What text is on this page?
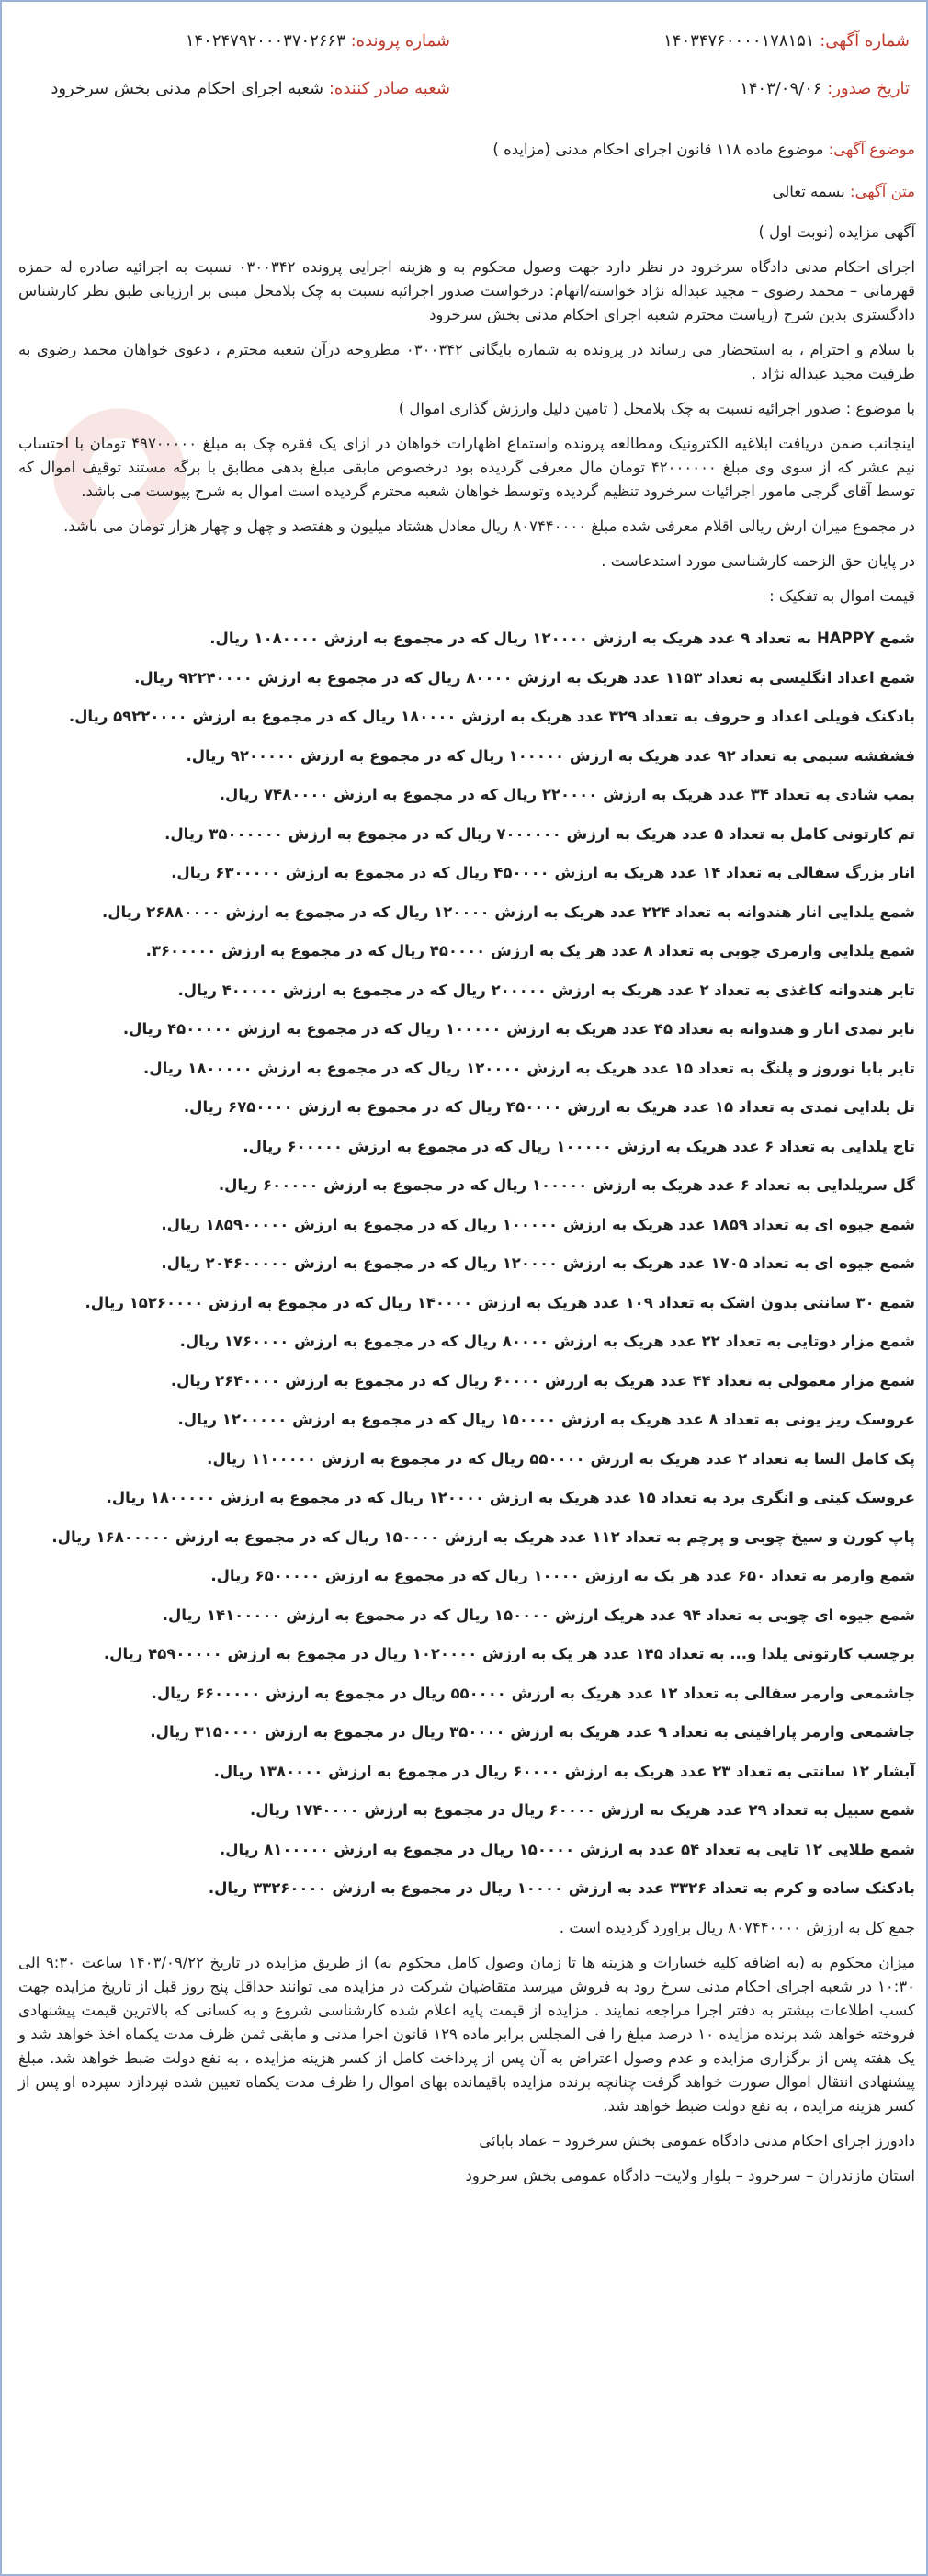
شماره آگهی: ۱۴۰۳۴۷۶۰۰۰۰۱۷۸۱۵۱
شماره پرونده: ۱۴۰۲۴۷۹۲۰۰۰۳۷۰۲۶۶۳
تاریخ صدور: ۱۴۰۳/۰۹/۰۶
شعبه صادر کننده: شعبه اجرای احکام مدنی بخش سرخرود

موضوع آگهی: موضوع ماده ۱۱۸ قانون اجرای احکام مدنی (مزایده )

متن آگهی: بسمه تعالی

آگهی مزایده (نوبت اول )

اجرای احکام مدنی دادگاه سرخرود در نظر دارد جهت وصول محکوم به و هزینه اجرایی پرونده ۰۳۰۰۳۴۲ نسبت به اجرائیه صادره له حمزه قهرمانی – محمد رضوی – مجید عبداله نژاد خواسته/اتهام: درخواست صدور اجرائیه نسبت به چک بلامحل مبنی بر ارزیابی طبق نظر کارشناس دادگستری بدین شرح (ریاست محترم شعبه اجرای احکام مدنی بخش سرخرود

با سلام و احترام ، به استحضار می رساند در پرونده به شماره بایگانی ۰۳۰۰۳۴۲ مطروحه درآن شعبه محترم ، دعوی خواهان محمد رضوی به طرفیت مجید عبداله نژاد .

با موضوع : صدور اجرائیه نسبت به چک بلامحل ( تامین دلیل وارزش گذاری اموال )

اینجانب ضمن دریافت ابلاغیه الکترونیک ومطالعه پرونده واستماع اظهارات خواهان در ازای یک فقره چک به مبلغ ۴۹۷۰۰۰۰۰ تومان با احتساب نیم عشر که از سوی وی مبلغ ۴۲۰۰۰۰۰۰ تومان مال معرفی گردیده بود درخصوص مابقی مبلغ بدهی مطابق با برگه مستند توقیف اموال که توسط آقای گرجی مامور اجرائیات سرخرود تنظیم گردیده وتوسط خواهان شعبه محترم گردیده است اموال به شرح پیوست می باشد.

در مجموع میزان ارش ریالی اقلام معرفی شده مبلغ ۸۰۷۴۴۰۰۰۰ ریال معادل هشتاد میلیون و هفتصد و چهل و چهار هزار تومان می باشد.

در پایان حق الزحمه کارشناسی مورد استدعاست .

قیمت اموال به تفکیک :

شمع HAPPY به تعداد ۹ عدد هریک به ارزش ۱۲۰۰۰۰ ریال که در مجموع به ارزش ۱۰۸۰۰۰۰ ریال.
شمع اعداد انگلیسی به تعداد ۱۱۵۳ عدد هریک به ارزش ۸۰۰۰۰ ریال که در مجموع به ارزش ۹۲۲۴۰۰۰۰ ریال.
بادکنک فویلی اعداد و حروف به تعداد ۳۲۹ عدد هریک به ارزش ۱۸۰۰۰۰ ریال که در مجموع به ارزش ۵۹۲۲۰۰۰۰ ریال.
فشفشه سیمی به تعداد ۹۲ عدد هریک به ارزش ۱۰۰۰۰۰ ریال که در مجموع به ارزش ۹۲۰۰۰۰۰ ریال.
بمب شادی به تعداد ۳۴ عدد هریک به ارزش ۲۲۰۰۰۰ ریال که در مجموع به ارزش ۷۴۸۰۰۰۰ ریال.
تم کارتونی کامل به تعداد ۵ عدد هریک به ارزش ۷۰۰۰۰۰۰ ریال که در مجموع به ارزش ۳۵۰۰۰۰۰۰ ریال.
انار بزرگ سفالی به تعداد ۱۴ عدد هریک به ارزش ۴۵۰۰۰۰ ریال که در مجموع به ارزش ۶۳۰۰۰۰۰ ریال.
شمع یلدایی انار هندوانه به تعداد ۲۲۴ عدد هریک به ارزش ۱۲۰۰۰۰ ریال که در مجموع به ارزش ۲۶۸۸۰۰۰۰ ریال.
شمع یلدایی وارمری چوبی به تعداد ۸ عدد هر یک به ارزش ۴۵۰۰۰۰ ریال که در مجموع به ارزش ۳۶۰۰۰۰۰.
تایر هندوانه کاغذی به تعداد ۲ عدد هریک به ارزش ۲۰۰۰۰۰ ریال که در مجموع به ارزش ۴۰۰۰۰۰ ریال.
تایر نمدی انار و هندوانه به تعداد ۴۵ عدد هریک به ارزش ۱۰۰۰۰۰ ریال که در مجموع به ارزش ۴۵۰۰۰۰۰ ریال.
تایر بابا نوروز و پلنگ به تعداد ۱۵ عدد هریک به ارزش ۱۲۰۰۰۰ ریال که در مجموع به ارزش ۱۸۰۰۰۰۰ ریال.
تل یلدایی نمدی به تعداد ۱۵ عدد هریک به ارزش ۴۵۰۰۰۰ ریال که در مجموع به ارزش ۶۷۵۰۰۰۰ ریال.
تاج یلدایی به تعداد ۶ عدد هریک به ارزش ۱۰۰۰۰۰ ریال که در مجموع به ارزش ۶۰۰۰۰۰ ریال.
گل سریلدایی به تعداد ۶ عدد هریک به ارزش ۱۰۰۰۰۰ ریال که در مجموع به ارزش ۶۰۰۰۰۰ ریال.
شمع جیوه ای به تعداد ۱۸۵۹ عدد هریک به ارزش ۱۰۰۰۰۰ ریال که در مجموع به ارزش ۱۸۵۹۰۰۰۰۰ ریال.
شمع جیوه ای به تعداد ۱۷۰۵ عدد هریک به ارزش ۱۲۰۰۰۰ ریال که در مجموع به ارزش ۲۰۴۶۰۰۰۰۰ ریال.
شمع ۳۰ سانتی بدون اشک به تعداد ۱۰۹ عدد هریک به ارزش ۱۴۰۰۰۰ ریال که در مجموع به ارزش ۱۵۲۶۰۰۰۰ ریال.
شمع مزار دوتایی به تعداد ۲۲ عدد هریک به ارزش ۸۰۰۰۰ ریال که در مجموع به ارزش ۱۷۶۰۰۰۰ ریال.
شمع مزار معمولی به تعداد ۴۴ عدد هریک به ارزش ۶۰۰۰۰ ریال که در مجموع به ارزش ۲۶۴۰۰۰۰ ریال.
عروسک ریز یونی به تعداد ۸ عدد هریک به ارزش ۱۵۰۰۰۰ ریال که در مجموع به ارزش ۱۲۰۰۰۰۰ ریال.
پک کامل السا به تعداد ۲ عدد هریک به ارزش ۵۵۰۰۰۰ ریال که در مجموع به ارزش ۱۱۰۰۰۰۰ ریال.
عروسک کیتی و انگری برد به تعداد ۱۵ عدد هریک به ارزش ۱۲۰۰۰۰ ریال که در مجموع به ارزش ۱۸۰۰۰۰۰ ریال.
پاپ کورن و سیخ چوبی و پرچم به تعداد ۱۱۲ عدد هریک به ارزش ۱۵۰۰۰۰ ریال که در مجموع به ارزش ۱۶۸۰۰۰۰۰ ریال.
شمع وارمر به تعداد ۶۵۰ عدد هر یک به ارزش ۱۰۰۰۰ ریال که در مجموع به ارزش ۶۵۰۰۰۰۰ ریال.
شمع جیوه ای چوبی به تعداد ۹۴ عدد هریک ارزش ۱۵۰۰۰۰ ریال که در مجموع به ارزش ۱۴۱۰۰۰۰۰ ریال.
برچسب کارتونی یلدا و... به تعداد ۱۴۵ عدد هر یک به ارزش ۱۰۲۰۰۰۰ ریال در مجموع به ارزش ۴۵۹۰۰۰۰۰ ریال.
جاشمعی وارمر سفالی به تعداد ۱۲ عدد هریک به ارزش ۵۵۰۰۰۰ ریال در مجموع به ارزش ۶۶۰۰۰۰۰ ریال.
جاشمعی وارمر پارافینی به تعداد ۹ عدد هریک به ارزش ۳۵۰۰۰۰ ریال در مجموع به ارزش ۳۱۵۰۰۰۰ ریال.
آبشار ۱۲ سانتی به تعداد ۲۳ عدد هریک به ارزش ۶۰۰۰۰ ریال در مجموع به ارزش ۱۳۸۰۰۰۰ ریال.
شمع سبیل به تعداد ۲۹ عدد هریک به ارزش ۶۰۰۰۰ ریال در مجموع به ارزش ۱۷۴۰۰۰۰ ریال.
شمع طلایی ۱۲ تایی به تعداد ۵۴ عدد به ارزش ۱۵۰۰۰۰ ریال در مجموع به ارزش ۸۱۰۰۰۰۰ ریال.
بادکنک ساده و کرم به تعداد ۳۳۲۶ عدد به ارزش ۱۰۰۰۰ ریال در مجموع به ارزش ۳۳۲۶۰۰۰۰ ریال.

جمع کل به ارزش ۸۰۷۴۴۰۰۰۰ ریال براورد گردیده است .

میزان محکوم به (به اضافه کلیه خسارات و هزینه ها تا زمان وصول کامل محکوم به) از طریق مزایده در تاریخ ۱۴۰۳/۰۹/۲۲ ساعت ۹:۳۰ الی ۱۰:۳۰ در شعبه اجرای احکام مدنی سرخ رود به فروش میرسد متقاضیان شرکت در مزایده می توانند حداقل پنج روز قبل از تاریخ مزایده جهت کسب اطلاعات بیشتر به دفتر اجرا مراجعه نمایند . مزایده از قیمت پایه اعلام شده کارشناسی شروع و به کسانی که بالاترین قیمت پیشنهادی فروخته خواهد شد برنده مزایده ۱۰ درصد مبلغ را فی المجلس برابر ماده ۱۲۹ قانون اجرا مدنی و مابقی ثمن ظرف مدت یکماه اخذ خواهد شد و یک هفته پس از برگزاری مزایده و عدم وصول اعتراض به آن پس از پرداخت کامل از کسر هزینه مزایده ، به نفع دولت ضبط خواهد شد. مبلغ پیشنهادی انتقال اموال صورت خواهد گرفت چنانچه برنده مزایده باقیمانده بهای اموال را ظرف مدت یکماه تعیین شده نپردازد سپرده او پس از کسر هزینه مزایده ، به نفع دولت ضبط خواهد شد.

دادورز اجرای احکام مدنی دادگاه عمومی بخش سرخرود – عماد بابائی

استان مازندران – سرخرود – بلوار ولایت– دادگاه عمومی بخش سرخرود
